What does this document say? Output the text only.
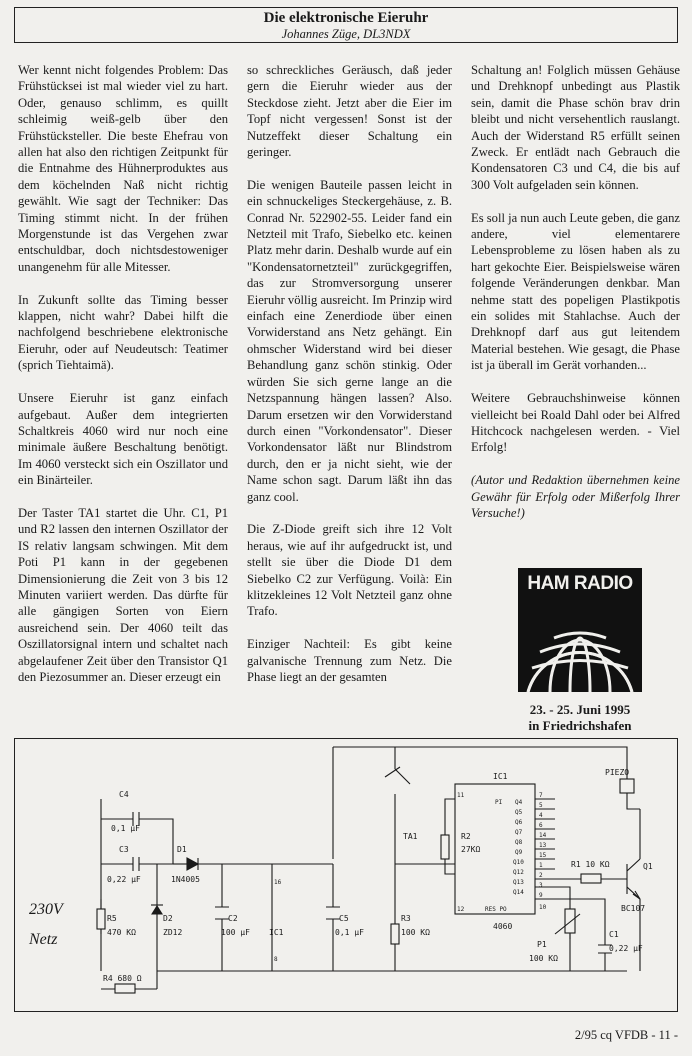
Die elektronische Eieruhr
Johannes Züge, DL3NDX

Wer kennt nicht folgendes Problem: Das Frühstücksei ist mal wieder viel zu hart. Oder, genauso schlimm, es quillt schleimig weiß-gelb über den Frühstücksteller. Die beste Ehefrau von allen hat also den richtigen Zeitpunkt für die Entnahme des Hühnerproduktes aus dem köchelnden Naß nicht richtig gewählt. Wie sagt der Techniker: Das Timing stimmt nicht. In der frühen Morgenstunde ist das Vergehen zwar entschuldbar, doch nichtsdestoweniger unangenehm für alle Mitesser.

In Zukunft sollte das Timing besser klappen, nicht wahr? Dabei hilft die nachfolgend beschriebene elektronische Eieruhr, oder auf Neudeutsch: Teatimer (sprich Tiehtaimä).

Unsere Eieruhr ist ganz einfach aufgebaut. Außer dem integrierten Schaltkreis 4060 wird nur noch eine minimale äußere Beschaltung benötigt. Im 4060 versteckt sich ein Oszillator und ein Binärteiler.

Der Taster TA1 startet die Uhr. C1, P1 und R2 lassen den internen Oszillator der IS relativ langsam schwingen. Mit dem Poti P1 kann in der gegebenen Dimensionierung die Zeit von 3 bis 12 Minuten variiert werden. Das dürfte für alle gängigen Sorten von Eiern ausreichend sein. Der 4060 teilt das Oszillatorsignal intern und schaltet nach abgelaufener Zeit über den Transistor Q1 den Piezosummer an. Dieser erzeugt ein

so schreckliches Geräusch, daß jeder gern die Eieruhr wieder aus der Steckdose zieht. Jetzt aber die Eier im Topf nicht vergessen! Sonst ist der Nutzeffekt dieser Schaltung ein geringer.

Die wenigen Bauteile passen leicht in ein schnuckeliges Steckergehäuse, z. B. Conrad Nr. 522902-55. Leider fand ein Netzteil mit Trafo, Siebelko etc. keinen Platz mehr darin. Deshalb wurde auf ein "Kondensatornetzteil" zurückgegriffen, das zur Stromversorgung unserer Eieruhr völlig ausreicht. Im Prinzip wird einfach eine Zenerdiode über einen Vorwiderstand ans Netz gehängt. Ein ohmscher Widerstand wird bei dieser Behandlung ganz schön stinkig. Oder würden Sie sich gerne lange an die Netzspannung hängen lassen? Also. Darum ersetzen wir den Vorwiderstand durch einen "Vorkondensator". Dieser Vorkondensator läßt nur Blindstrom durch, den er ja nicht sieht, wie der Name schon sagt. Darum läßt ihn das ganz cool.

Die Z-Diode greift sich ihre 12 Volt heraus, wie auf ihr aufgedruckt ist, und stellt sie über die Diode D1 dem Siebelko C2 zur Verfügung. Voilà: Ein klitzekleines 12 Volt Netzteil ganz ohne Trafo.

Einziger Nachteil: Es gibt keine galvanische Trennung zum Netz. Die Phase liegt an der gesamten

Schaltung an! Folglich müssen Gehäuse und Drehknopf unbedingt aus Plastik sein, damit die Phase schön brav drin bleibt und nicht versehentlich rauslangt. Auch der Widerstand R5 erfüllt seinen Zweck. Er entlädt nach Gebrauch die Kondensatoren C3 und C4, die bis auf 300 Volt aufgeladen sein können.

Es soll ja nun auch Leute geben, die ganz andere, viel elementarere Lebensprobleme zu lösen haben als zu hart gekochte Eier. Beispielsweise wären folgende Veränderungen denkbar. Man nehme statt des popeligen Plastikpotis ein solides mit Stahlachse. Auch der Drehknopf darf aus gut leitendem Material bestehen. Wie gesagt, die Phase ist ja überall im Gerät vorhanden...

Weitere Gebrauchshinweise können vielleicht bei Roald Dahl oder bei Alfred Hitchcock nachgelesen werden. - Viel Erfolg!

(Autor und Redaktion übernehmen keine Gewähr für Erfolg oder Mißerfolg Ihrer Versuche!)

HAM RADIO
23. - 25. Juni 1995
in Friedrichshafen
C4
0,1 µF
C3
0,22 µF
D1
1N4005
R5
470 KΩ
D2
ZD12
C2
100 µF
R4 680 Ω
IC1
16
8
C5
0,1 µF
TA1
R3
100 KΩ
R2
27KΩ
IC1
4060
PI Q4
Q5
Q6
Q7
Q8
Q9
Q10
Q12
Q13
Q14
7
5
4
6
14
13
15
1
2
3
11
12
9
10
RES PO
P1
100 KΩ
C1
0,22 µF
R1 10 KΩ	Q1
BC107
PIEZO
230V
Netz
2/95 cq VFDB - 11 -
